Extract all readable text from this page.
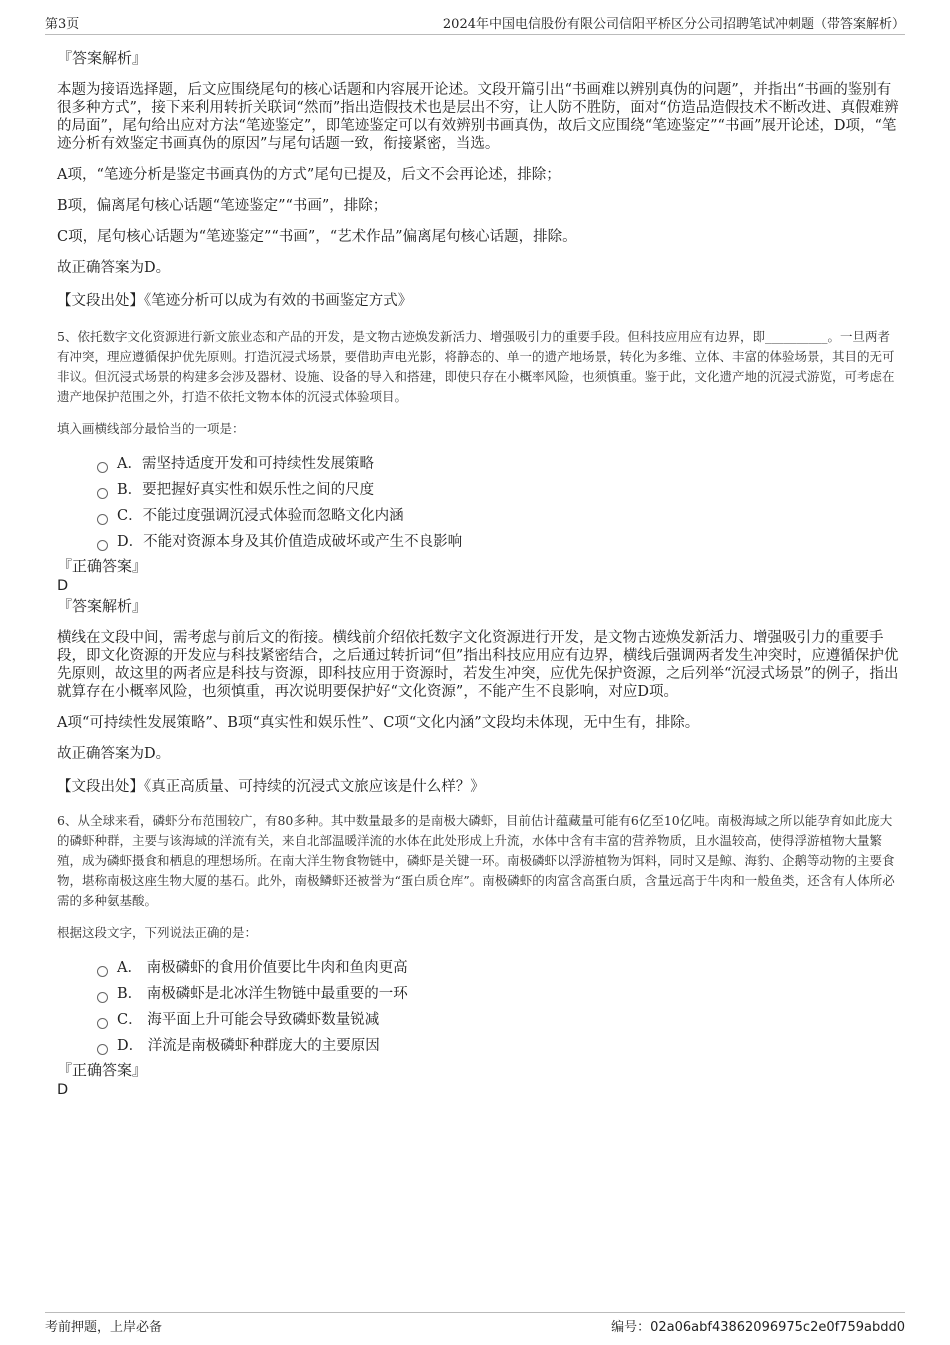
第3页	2024年中国电信股份有限公司信阳平桥区分公司招聘笔试冲刺题（带答案解析）

『答案解析』

本题为接语选择题，后文应围绕尾句的核心话题和内容展开论述。文段开篇引出“书画难以辨别真伪的问题”，并指出“书画的鉴别有很多种方式”，接下来利用转折关联词“然而”指出造假技术也是层出不穷，让人防不胜防，面对“仿造品造假技术不断改进、真假难辨的局面”，尾句给出应对方法“笔迹鉴定”，即笔迹鉴定可以有效辨别书画真伪，故后文应围绕“笔迹鉴定”“书画”展开论述，D项，“笔迹分析有效鉴定书画真伪的原因”与尾句话题一致，衔接紧密，当选。

A项，“笔迹分析是鉴定书画真伪的方式”尾句已提及，后文不会再论述，排除；

B项，偏离尾句核心话题“笔迹鉴定”“书画”，排除；

C项，尾句核心话题为“笔迹鉴定”“书画”，“艺术作品”偏离尾句核心话题，排除。

故正确答案为D。

【文段出处】《笔迹分析可以成为有效的书画鉴定方式》

5、依托数字文化资源进行新文旅业态和产品的开发，是文物古迹焕发新活力、增强吸引力的重要手段。但科技应用应有边界，即__________。一旦两者有冲突，理应遵循保护优先原则。打造沉浸式场景，要借助声电光影，将静态的、单一的遗产地场景，转化为多维、立体、丰富的体验场景，其目的无可非议。但沉浸式场景的构建多会涉及器材、设施、设备的导入和搭建，即使只存在小概率风险，也须慎重。鉴于此，文化遗产地的沉浸式游览，可考虑在遗产地保护范围之外，打造不依托文物本体的沉浸式体验项目。

填入画横线部分最恰当的一项是：

A．需坚持适度开发和可持续性发展策略
B．要把握好真实性和娱乐性之间的尺度
C．不能过度强调沉浸式体验而忽略文化内涵
D．不能对资源本身及其价值造成破坏或产生不良影响

『正确答案』

D

『答案解析』

横线在文段中间，需考虑与前后文的衔接。横线前介绍依托数字文化资源进行开发，是文物古迹焕发新活力、增强吸引力的重要手段，即文化资源的开发应与科技紧密结合，之后通过转折词“但”指出科技应用应有边界，横线后强调两者发生冲突时，应遵循保护优先原则，故这里的两者应是科技与资源，即科技应用于资源时，若发生冲突，应优先保护资源，之后列举“沉浸式场景”的例子，指出就算存在小概率风险，也须慎重，再次说明要保护好“文化资源”，不能产生不良影响，对应D项。

A项“可持续性发展策略”、B项“真实性和娱乐性”、C项“文化内涵”文段均未体现，无中生有，排除。

故正确答案为D。

【文段出处】《真正高质量、可持续的沉浸式文旅应该是什么样？》

6、从全球来看，磷虾分布范围较广，有80多种。其中数量最多的是南极大磷虾，目前估计蕴藏量可能有6亿至10亿吨。南极海域之所以能孕育如此庞大的磷虾种群，主要与该海域的洋流有关，来自北部温暖洋流的水体在此处形成上升流，水体中含有丰富的营养物质，且水温较高，使得浮游植物大量繁殖，成为磷虾摄食和栖息的理想场所。在南大洋生物食物链中，磷虾是关键一环。南极磷虾以浮游植物为饵料，同时又是鲸、海豹、企鹅等动物的主要食物，堪称南极这座生物大厦的基石。此外，南极鳞虾还被誉为“蛋白质仓库”。南极磷虾的肉富含高蛋白质，含量远高于牛肉和一般鱼类，还含有人体所必需的多种氨基酸。

根据这段文字，下列说法正确的是：

A． 南极磷虾的食用价值要比牛肉和鱼肉更高
B． 南极磷虾是北冰洋生物链中最重要的一环
C． 海平面上升可能会导致磷虾数量锐减
D． 洋流是南极磷虾种群庞大的主要原因

『正确答案』

D

考前押题，上岸必备	编号：02a06abf43862096975c2e0f759abdd0
